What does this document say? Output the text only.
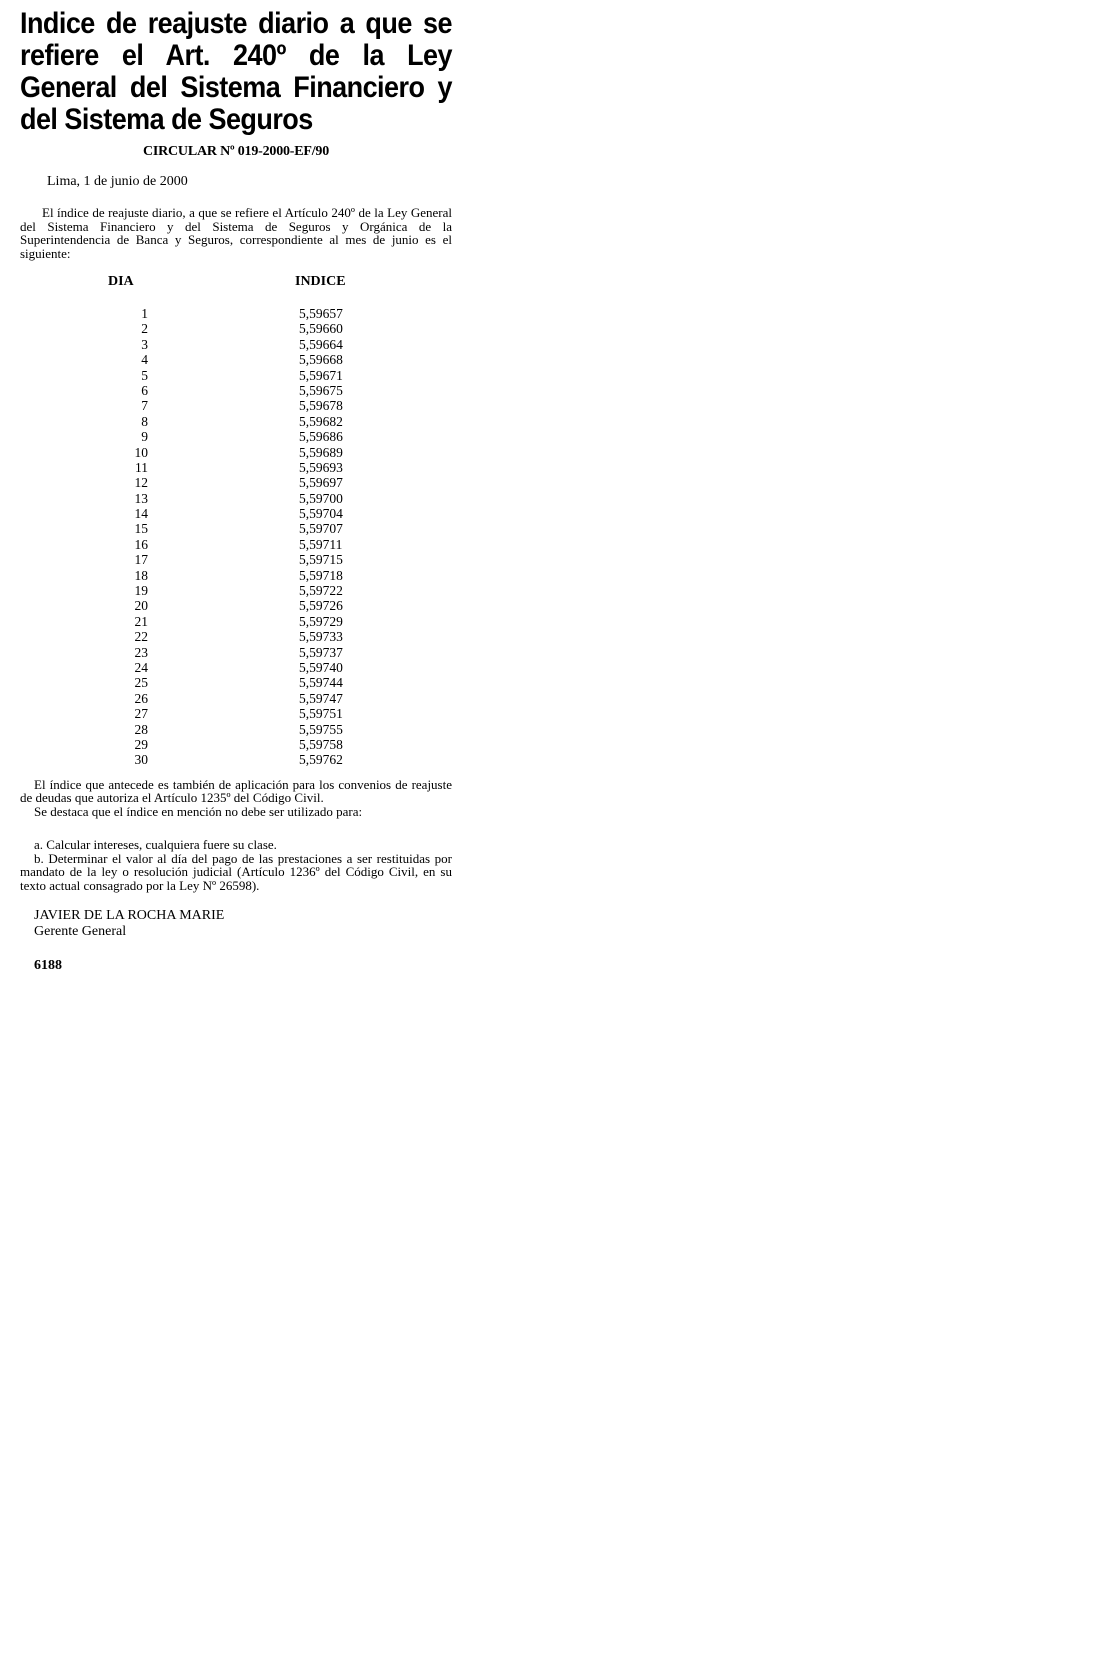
Indice de reajuste diario a que se refiere el Art. 240º de la Ley General del Sistema Financiero y del Sistema de Seguros
CIRCULAR Nº 019-2000-EF/90
Lima, 1 de junio de 2000

El índice de reajuste diario, a que se refiere el Artículo 240º de la Ley General del Sistema Financiero y del Sistema de Seguros y Orgánica de la Superintendencia de Banca y Seguros, correspondiente al mes de junio es el siguiente:

DIA	INDICE
1	5,59657
2	5,59660
3	5,59664
4	5,59668
5	5,59671
6	5,59675
7	5,59678
8	5,59682
9	5,59686
10	5,59689
11	5,59693
12	5,59697
13	5,59700
14	5,59704
15	5,59707
16	5,59711
17	5,59715
18	5,59718
19	5,59722
20	5,59726
21	5,59729
22	5,59733
23	5,59737
24	5,59740
25	5,59744
26	5,59747
27	5,59751
28	5,59755
29	5,59758
30	5,59762

El índice que antecede es también de aplicación para los convenios de reajuste de deudas que autoriza el Artículo 1235º del Código Civil.

Se destaca que el índice en mención no debe ser utilizado para:

a. Calcular intereses, cualquiera fuere su clase.
b. Determinar el valor al día del pago de las prestaciones a ser restituidas por mandato de la ley o resolución judicial (Artículo 1236º del Código Civil, en su texto actual consagrado por la Ley Nº 26598).
JAVIER DE LA ROCHA MARIE
Gerente General
6188
